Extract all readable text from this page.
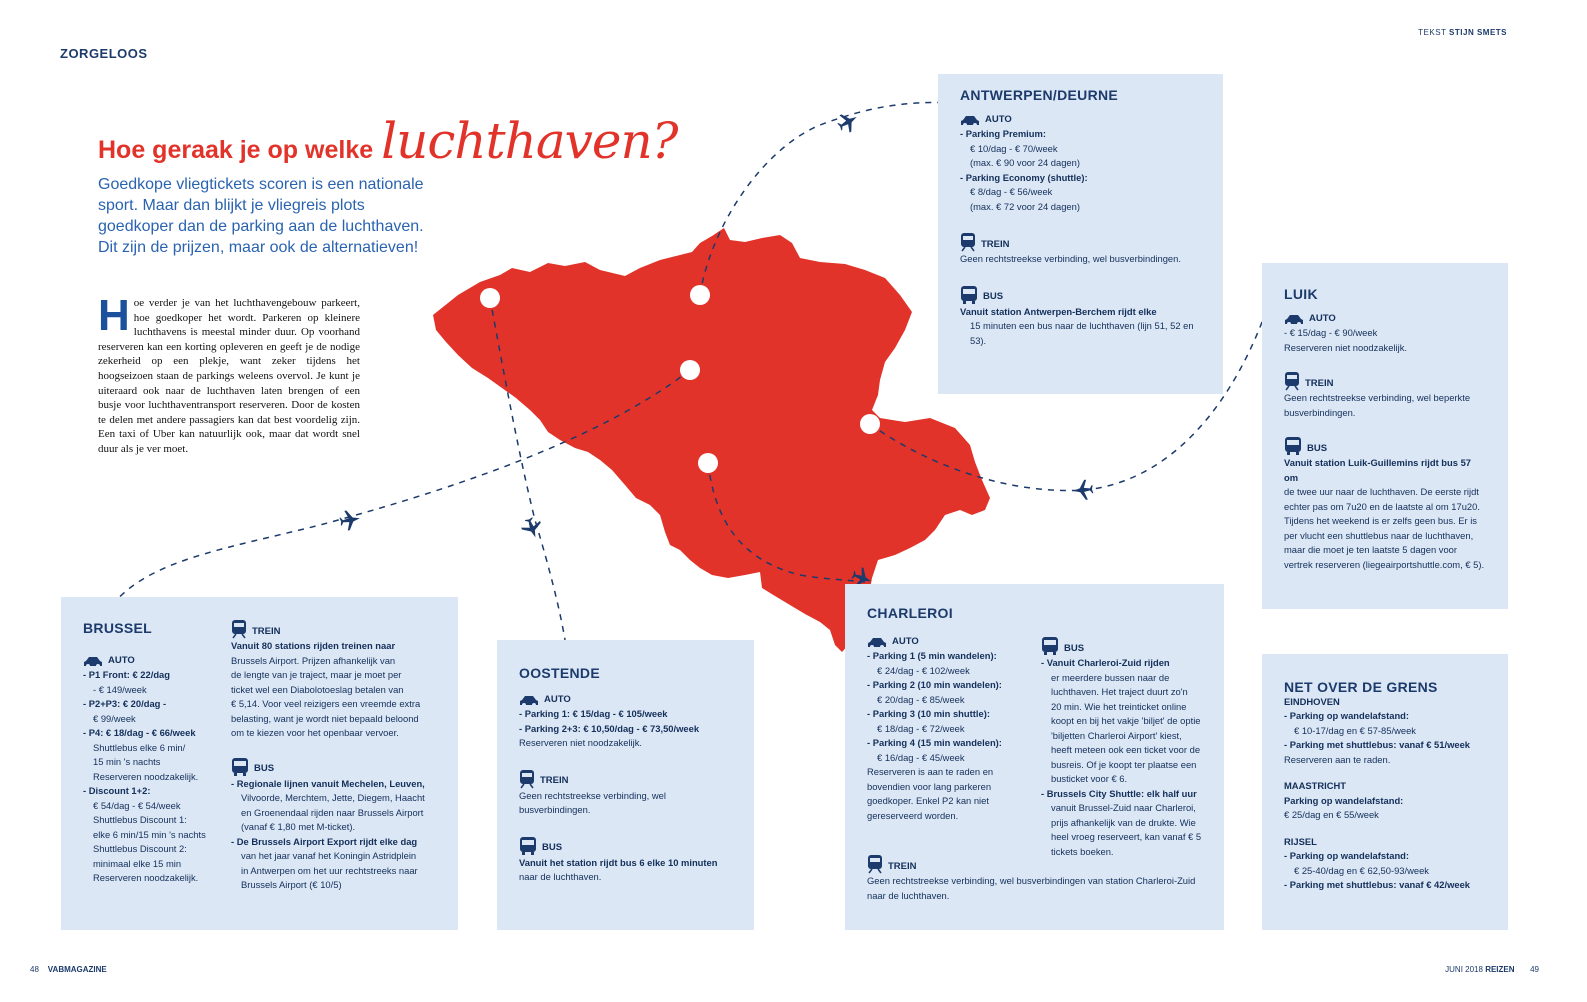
ZORGELOOS
TEKST STIJN SMETS
Hoe geraak je op welke luchthaven?
Goedkope vliegtickets scoren is een nationale sport. Maar dan blijkt je vliegreis plots goedkoper dan de parking aan de luchthaven. Dit zijn de prijzen, maar ook de alternatieven!
Hoe verder je van het luchthavengebouw parkeert, hoe goedkoper het wordt. Parkeren op kleinere luchthavens is meestal minder duur. Op voorhand reserveren kan een korting opleveren en geeft je de nodige zekerheid op een plekje, want zeker tijdens het hoogseizoen staan de parkings weleens overvol. Je kunt je uiteraard ook naar de luchthaven laten brengen of een busje voor luchthaventransport reserveren. Door de kosten te delen met andere passagiers kan dat best voordelig zijn. Een taxi of Uber kan natuurlijk ook, maar dat wordt snel duur als je ver moet.
ANTWERPEN/DEURNE
AUTO
- Parking Premium:
€ 10/dag - € 70/week
(max. € 90 voor 24 dagen)
- Parking Economy (shuttle):
€ 8/dag - € 56/week
(max. € 72 voor 24 dagen)
TREIN
Geen rechtstreekse verbinding, wel busverbindingen.
BUS
Vanuit station Antwerpen-Berchem rijdt elke
15 minuten een bus naar de luchthaven (lijn 51, 52 en 53).
LUIK
AUTO
- € 15/dag - € 90/week
Reserveren niet noodzakelijk.
TREIN
Geen rechtstreekse verbinding, wel beperkte
busverbindingen.
BUS
Vanuit station Luik-Guillemins rijdt bus 57 om
de twee uur naar de luchthaven. De eerste rijdt
echter pas om 7u20 en de laatste al om 17u20.
Tijdens het weekend is er zelfs geen bus. Er is
per vlucht een shuttlebus naar de luchthaven,
maar die moet je ten laatste 5 dagen voor
vertrek reserveren (liegeairportshuttle.com, € 5).
BRUSSEL
AUTO
- P1 Front: € 22/dag
- € 149/week
- P2+P3: € 20/dag -
€ 99/week
- P4: € 18/dag - € 66/week
Shuttlebus elke 6 min/
15 min 's nachts
Reserveren noodzakelijk.
- Discount 1+2:
€ 54/dag - € 54/week
Shuttlebus Discount 1:
elke 6 min/15 min 's nachts
Shuttlebus Discount 2:
minimaal elke 15 min
Reserveren noodzakelijk.
TREIN
Vanuit 80 stations rijden treinen naar
Brussels Airport. Prijzen afhankelijk van
de lengte van je traject, maar je moet per
ticket wel een Diabolotoeslag betalen van
€ 5,14. Voor veel reizigers een vreemde extra
belasting, want je wordt niet bepaald beloond
om te kiezen voor het openbaar vervoer.
BUS
- Regionale lijnen vanuit Mechelen, Leuven,
Vilvoorde, Merchtem, Jette, Diegem, Haacht
en Groenendaal rijden naar Brussels Airport
(vanaf € 1,80 met M-ticket).
- De Brussels Airport Export rijdt elke dag
van het jaar vanaf het Koningin Astridplein
in Antwerpen om het uur rechtstreeks naar
Brussels Airport (€ 10/5)
OOSTENDE
AUTO
- Parking 1: € 15/dag - € 105/week
- Parking 2+3: € 10,50/dag - € 73,50/week
Reserveren niet noodzakelijk.
TREIN
Geen rechtstreekse verbinding, wel
busverbindingen.
BUS
Vanuit het station rijdt bus 6 elke 10 minuten
naar de luchthaven.
CHARLEROI
AUTO
- Parking 1 (5 min wandelen):
€ 24/dag - € 102/week
- Parking 2 (10 min wandelen):
€ 20/dag - € 85/week
- Parking 3 (10 min shuttle):
€ 18/dag - € 72/week
- Parking 4 (15 min wandelen):
€ 16/dag - € 45/week
Reserveren is aan te raden en
bovendien voor lang parkeren
goedkoper. Enkel P2 kan niet
gereserveerd worden.
BUS
- Vanuit Charleroi-Zuid rijden
er meerdere bussen naar de
luchthaven. Het traject duurt zo'n
20 min. Wie het treinticket online
koopt en bij het vakje 'biljet' de optie
'biljetten Charleroi Airport' kiest,
heeft meteen ook een ticket voor de
busreis. Of je koopt ter plaatse een
busticket voor € 6.
- Brussels City Shuttle: elk half uur
vanuit Brussel-Zuid naar Charleroi,
prijs afhankelijk van de drukte. Wie
heel vroeg reserveert, kan vanaf € 5
tickets boeken.
TREIN
Geen rechtstreekse verbinding, wel busverbindingen van station Charleroi-Zuid
naar de luchthaven.
NET OVER DE GRENS
EINDHOVEN
- Parking op wandelafstand:
€ 10-17/dag en € 57-85/week
- Parking met shuttlebus: vanaf € 51/week
Reserveren aan te raden.
MAASTRICHT
Parking op wandelafstand:
€ 25/dag en € 55/week
RIJSEL
- Parking op wandelafstand:
€ 25-40/dag en € 62,50-93/week
- Parking met shuttlebus: vanaf € 42/week
48 VABMAGAZINE	JUNI 2018 REIZEN 49
